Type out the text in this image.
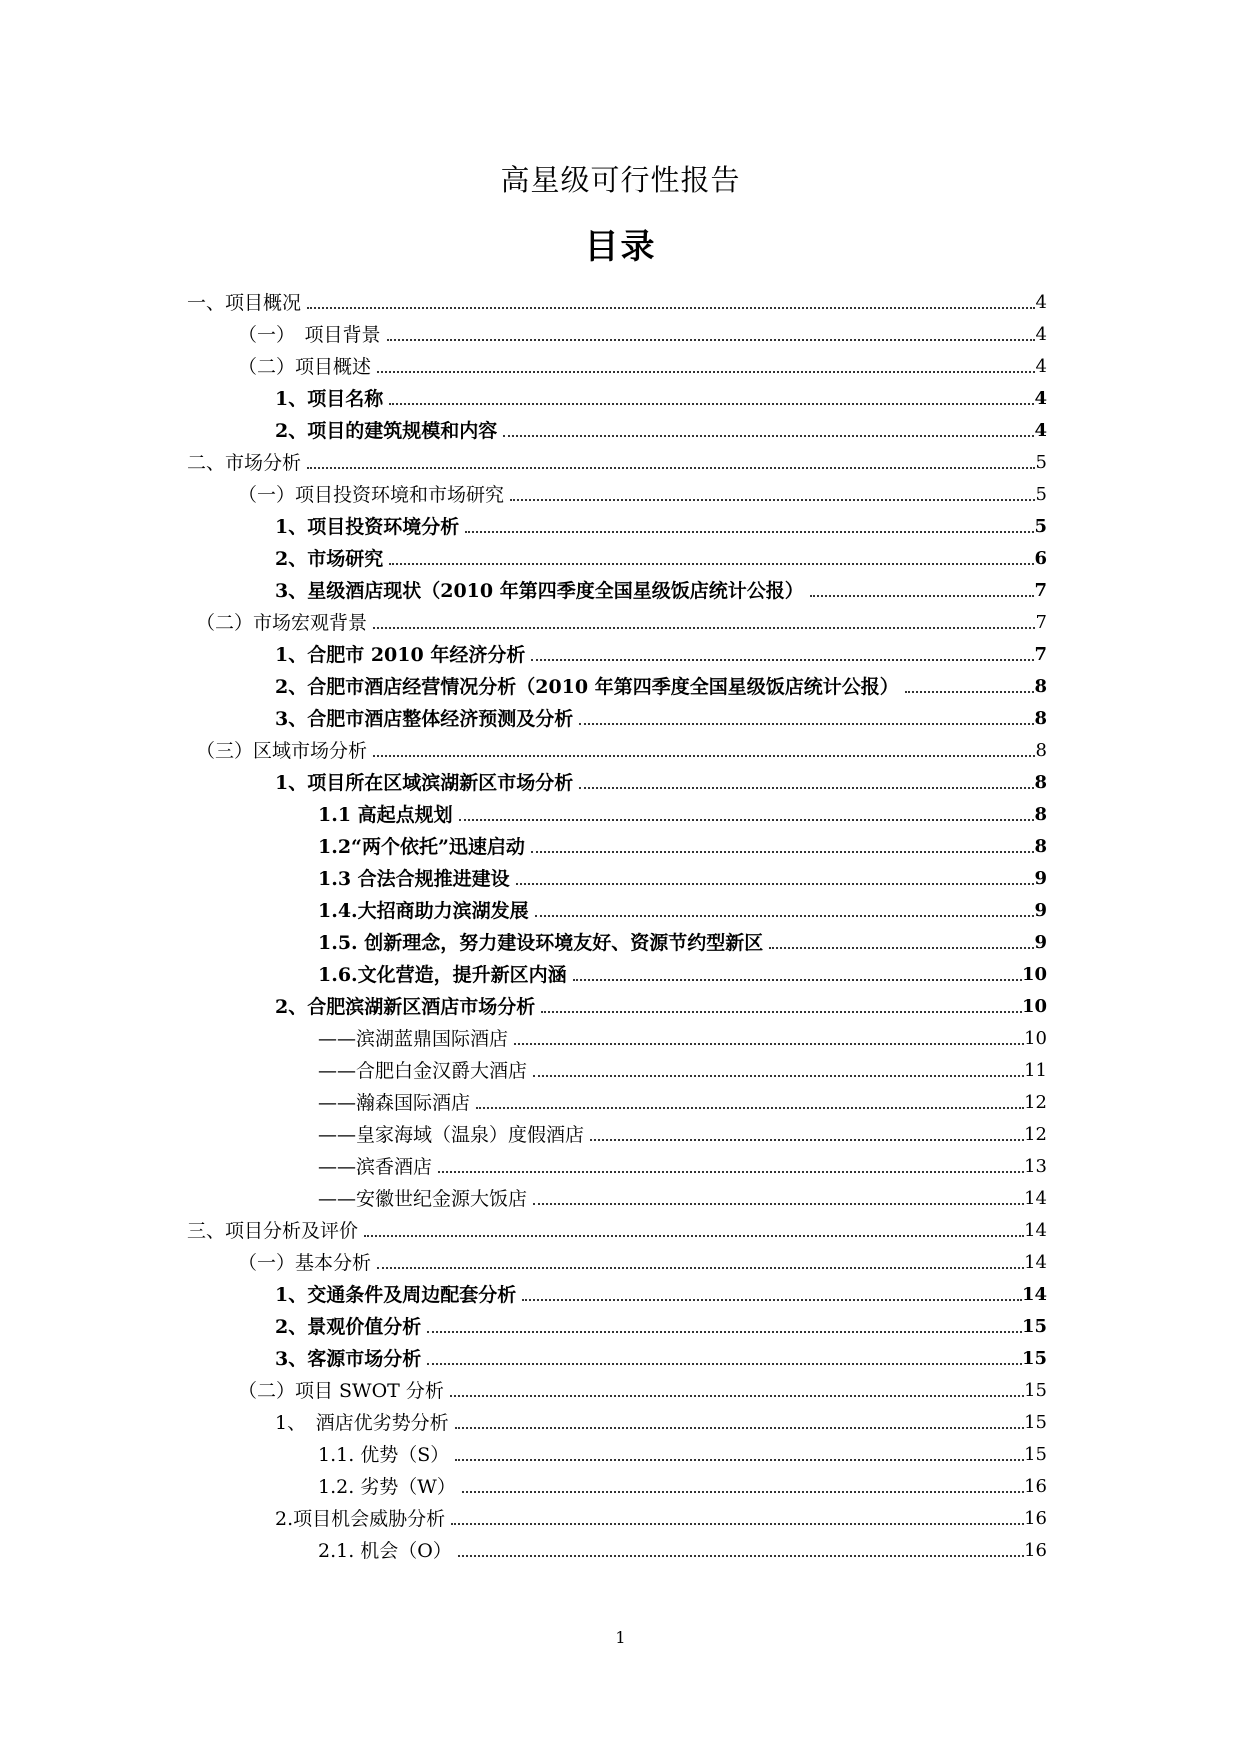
高星级可行性报告
目录
一、项目概况	4
（一）　项目背景	4
（二）项目概述	4
1、项目名称	4
2、项目的建筑规模和内容	4
二、市场分析	5
（一）项目投资环境和市场研究	5
1、项目投资环境分析	5
2、市场研究	6
3、星级酒店现状（2010 年第四季度全国星级饭店统计公报）	7
（二）市场宏观背景	7
1、合肥市 2010 年经济分析	7
2、合肥市酒店经营情况分析（2010 年第四季度全国星级饭店统计公报）	8
3、合肥市酒店整体经济预测及分析	8
（三）区域市场分析	8
1、项目所在区域滨湖新区市场分析	8
1.1 高起点规划	8
1.2“两个依托”迅速启动	8
1.3 合法合规推进建设	9
1.4.大招商助力滨湖发展	9
1.5. 创新理念，努力建设环境友好、资源节约型新区	9
1.6.文化营造，提升新区内涵	10
2、合肥滨湖新区酒店市场分析	10
——滨湖蓝鼎国际酒店	10
——合肥白金汉爵大酒店	11
——瀚森国际酒店	12
——皇家海域（温泉）度假酒店	12
——滨香酒店	13
——安徽世纪金源大饭店	14
三、项目分析及评价	14
（一）基本分析	14
1、交通条件及周边配套分析	14
2、景观价值分析	15
3、客源市场分析	15
（二）项目 SWOT 分析	15
1、　酒店优劣势分析	15
1.1. 优势（S）	15
1.2. 劣势（W）	16
2.项目机会威胁分析	16
2.1. 机会（O）	16
1
